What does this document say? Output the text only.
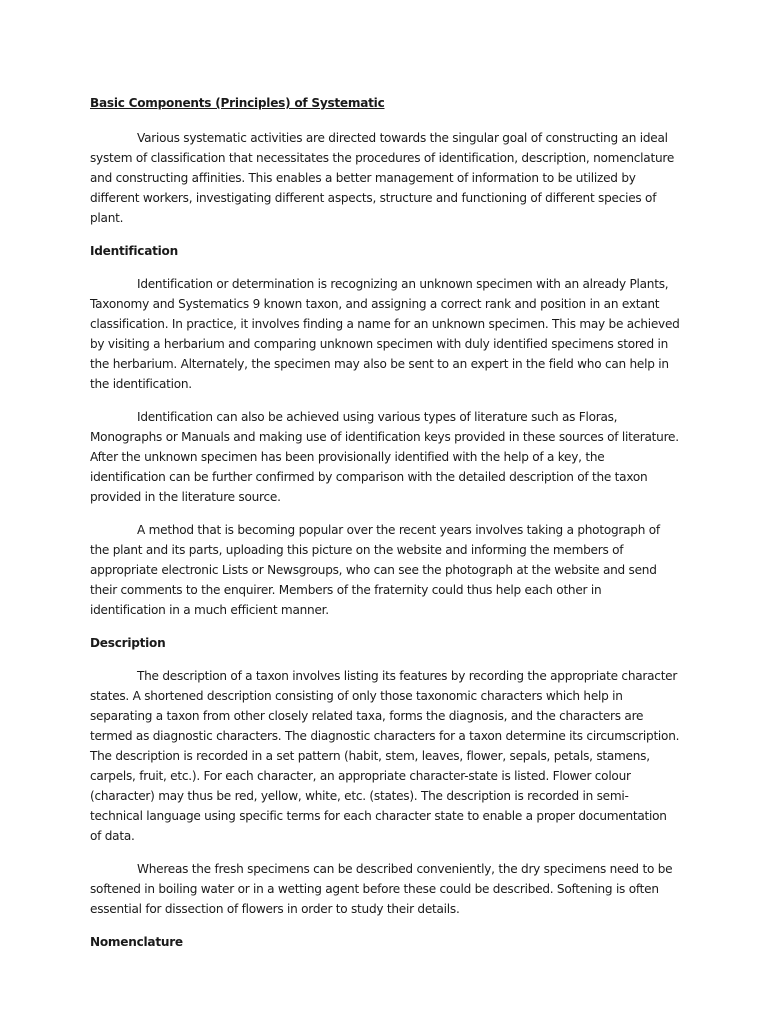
Basic Components (Principles) of Systematic

Various systematic activities are directed towards the singular goal of constructing an ideal system of classification that necessitates the procedures of identification, description, nomenclature and constructing affinities. This enables a better management of information to be utilized by different workers, investigating different aspects, structure and functioning of different species of plant.

Identification

Identification or determination is recognizing an unknown specimen with an already Plants, Taxonomy and Systematics 9 known taxon, and assigning a correct rank and position in an extant classification. In practice, it involves finding a name for an unknown specimen. This may be achieved by visiting a herbarium and comparing unknown specimen with duly identified specimens stored in the herbarium. Alternately, the specimen may also be sent to an expert in the field who can help in the identification.

Identification can also be achieved using various types of literature such as Floras, Monographs or Manuals and making use of identification keys provided in these sources of literature. After the unknown specimen has been provisionally identified with the help of a key, the identification can be further confirmed by comparison with the detailed description of the taxon provided in the literature source.

A method that is becoming popular over the recent years involves taking a photograph of the plant and its parts, uploading this picture on the website and informing the members of appropriate electronic Lists or Newsgroups, who can see the photograph at the website and send their comments to the enquirer. Members of the fraternity could thus help each other in identification in a much efficient manner.

Description

The description of a taxon involves listing its features by recording the appropriate character states. A shortened description consisting of only those taxonomic characters which help in separating a taxon from other closely related taxa, forms the diagnosis, and the characters are termed as diagnostic characters. The diagnostic characters for a taxon determine its circumscription. The description is recorded in a set pattern (habit, stem, leaves, flower, sepals, petals, stamens, carpels, fruit, etc.). For each character, an appropriate character-state is listed. Flower colour (character) may thus be red, yellow, white, etc. (states). The description is recorded in semi-technical language using specific terms for each character state to enable a proper documentation of data.

Whereas the fresh specimens can be described conveniently, the dry specimens need to be softened in boiling water or in a wetting agent before these could be described. Softening is often essential for dissection of flowers in order to study their details.

Nomenclature
